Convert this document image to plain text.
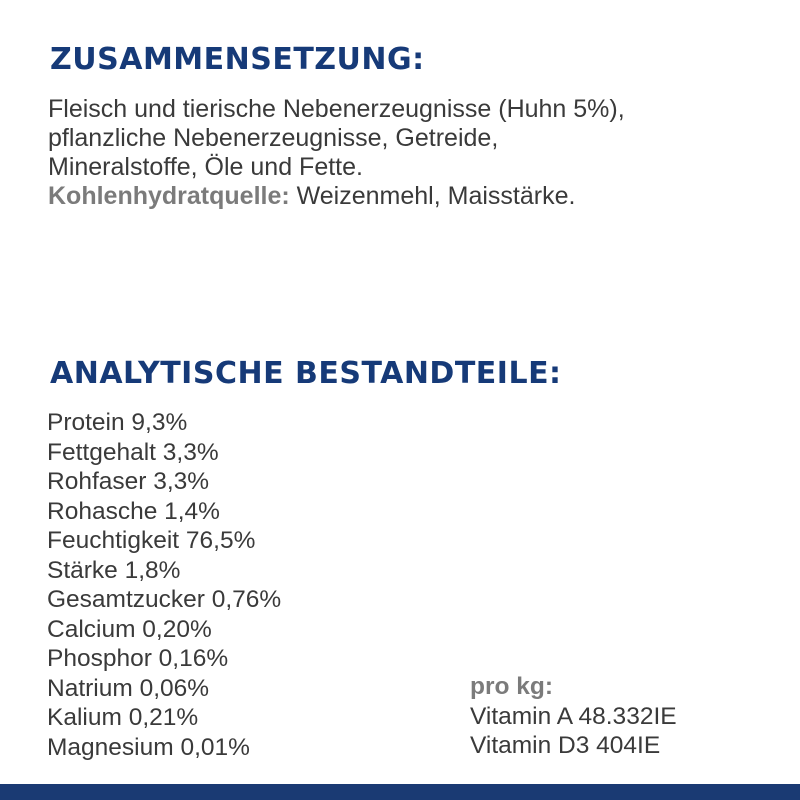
ZUSAMMENSETZUNG:
Fleisch und tierische Nebenerzeugnisse (Huhn 5%),
pflanzliche Nebenerzeugnisse, Getreide,
Mineralstoffe, Öle und Fette.
Kohlenhydratquelle: Weizenmehl, Maisstärke.
ANALYTISCHE BESTANDTEILE:
Protein 9,3%
Fettgehalt 3,3%
Rohfaser 3,3%
Rohasche 1,4%
Feuchtigkeit 76,5%
Stärke 1,8%
Gesamtzucker 0,76%
Calcium 0,20%
Phosphor 0,16%
Natrium 0,06%
Kalium 0,21%
Magnesium 0,01%
pro kg:
Vitamin A 48.332IE
Vitamin D3 404IE
